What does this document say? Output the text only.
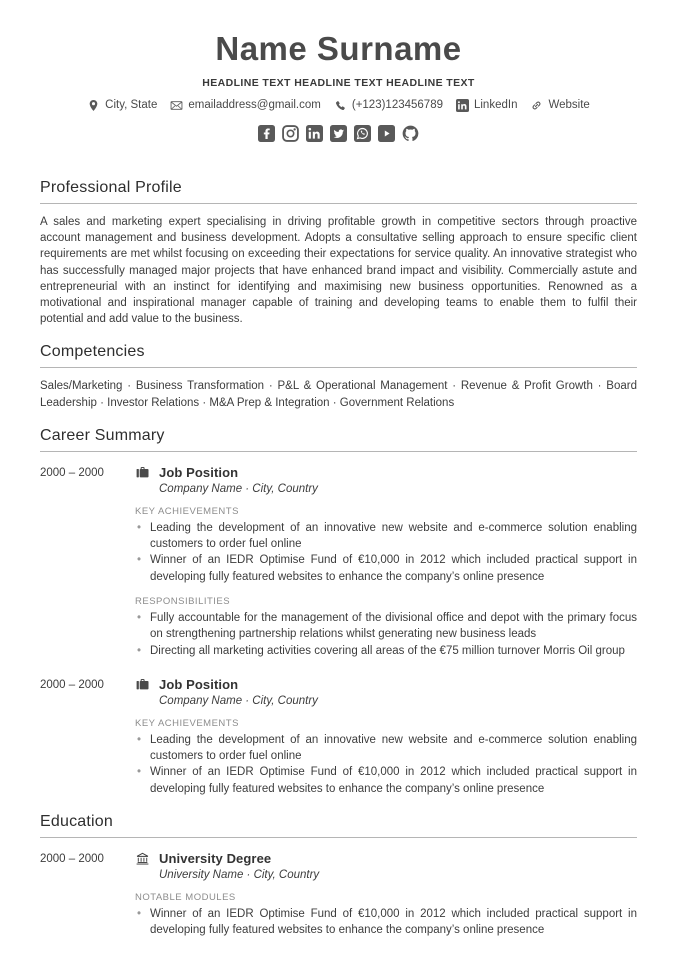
Name Surname
HEADLINE TEXT HEADLINE TEXT HEADLINE TEXT
City, State	emailaddress@gmail.com	(+123)123456789	LinkedIn	Website
Professional Profile

A sales and marketing expert specialising in driving profitable growth in competitive sectors through proactive account management and business development. Adopts a consultative selling approach to ensure specific client requirements are met whilst focusing on exceeding their expectations for service quality. An innovative strategist who has successfully managed major projects that have enhanced brand impact and visibility. Commercially astute and entrepreneurial with an instinct for identifying and maximising new business opportunities. Renowned as a motivational and inspirational manager capable of training and developing teams to enable them to fulfil their potential and add value to the business.

Competencies

Sales/Marketing · Business Transformation · P&L & Operational Management · Revenue & Profit Growth · Board Leadership · Investor Relations · M&A Prep & Integration · Government Relations

Career Summary
2000 – 2000	Job Position
Company Name · City, Country
KEY ACHIEVEMENTS
• Leading the development of an innovative new website and e-commerce solution enabling customers to order fuel online
• Winner of an IEDR Optimise Fund of €10,000 in 2012 which included practical support in developing fully featured websites to enhance the company’s online presence
RESPONSIBILITIES
• Fully accountable for the management of the divisional office and depot with the primary focus on strengthening partnership relations whilst generating new business leads
• Directing all marketing activities covering all areas of the €75 million turnover Morris Oil group
2000 – 2000	Job Position
Company Name · City, Country
KEY ACHIEVEMENTS
• Leading the development of an innovative new website and e-commerce solution enabling customers to order fuel online
• Winner of an IEDR Optimise Fund of €10,000 in 2012 which included practical support in developing fully featured websites to enhance the company’s online presence
Education
2000 – 2000	University Degree
University Name · City, Country
NOTABLE MODULES
• Winner of an IEDR Optimise Fund of €10,000 in 2012 which included practical support in developing fully featured websites to enhance the company’s online presence
